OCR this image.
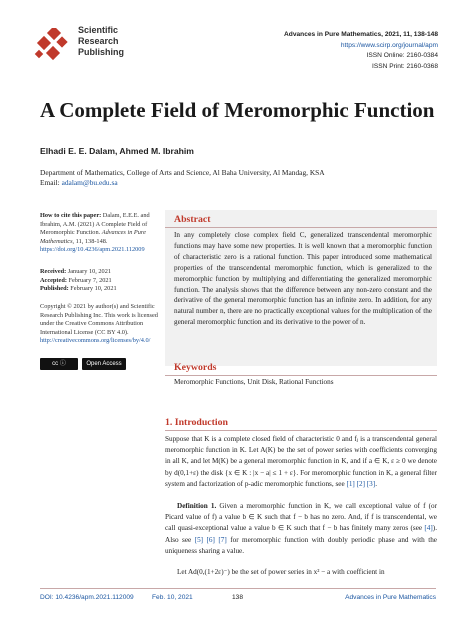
Scientific
Research
Publishing
Advances in Pure Mathematics, 2021, 11, 138-148
https://www.scirp.org/journal/apm
ISSN Online: 2160-0384
ISSN Print: 2160-0368
A Complete Field of Meromorphic Function
Elhadi E. E. Dalam, Ahmed M. Ibrahim
Department of Mathematics, College of Arts and Science, Al Baha University, Al Mandag, KSA
Email: adalam@bu.edu.sa
How to cite this paper: Dalam, E.E.E. and Ibrahim, A.M. (2021) A Complete Field of Meromorphic Function. Advances in Pure Mathematics, 11, 138-148.
https://doi.org/10.4236/apm.2021.112009
Received: January 10, 2021
Accepted: February 7, 2021
Published: February 10, 2021
Copyright © 2021 by author(s) and Scientific Research Publishing Inc. This work is licensed under the Creative Commons Attribution International License (CC BY 4.0).
http://creativecommons.org/licenses/by/4.0/
cc ⓘ	Open Access
Abstract
In any completely close complex field C, generalized transcendental meromorphic functions may have some new properties. It is well known that a meromorphic function of characteristic zero is a rational function. This paper introduced some mathematical properties of the transcendental meromorphic function, which is generalized to the meromorphic function by multiplying and differentiating the generalized meromorphic function. The analysis shows that the difference between any non-zero constant and the derivative of the general meromorphic function has an infinite zero. In addition, for any natural number n, there are no practically exceptional values for the multiplication of the general meromorphic function and its derivative to the power of n.
Keywords
Meromorphic Functions, Unit Disk, Rational Functions
1. Introduction
Suppose that K is a complete closed field of characteristic 0 and fⱼ is a transcendental general meromorphic function in K. Let A(K) be the set of power series with coefficients converging in all K, and let M(K) be a general meromorphic function in K, and if a ∈ K, ε ≥ 0 we denote by d(0,1+ε) the disk {x ∈ K : |x − a| ≤ 1 + ε}. For meromorphic function in K, a general filter system and factorization of p-adic meromorphic functions, see [1] [2] [3].
Definition 1. Given a meromorphic function in K, we call exceptional value of f (or Picard value of f) a value b ∈ K such that f − b has no zero. And, if f is transcendental, we call quasi-exceptional value a value b ∈ K such that f − b has finitely many zeros (see [4]). Also see [5] [6] [7] for meromorphic function with doubly periodic phase and with the uniqueness sharing a value.
Let Ad(0,(1+2ε)⁻) be the set of power series in x² − a with coefficient in
DOI: 10.4236/apm.2021.112009	Feb. 10, 2021	138	Advances in Pure Mathematics
